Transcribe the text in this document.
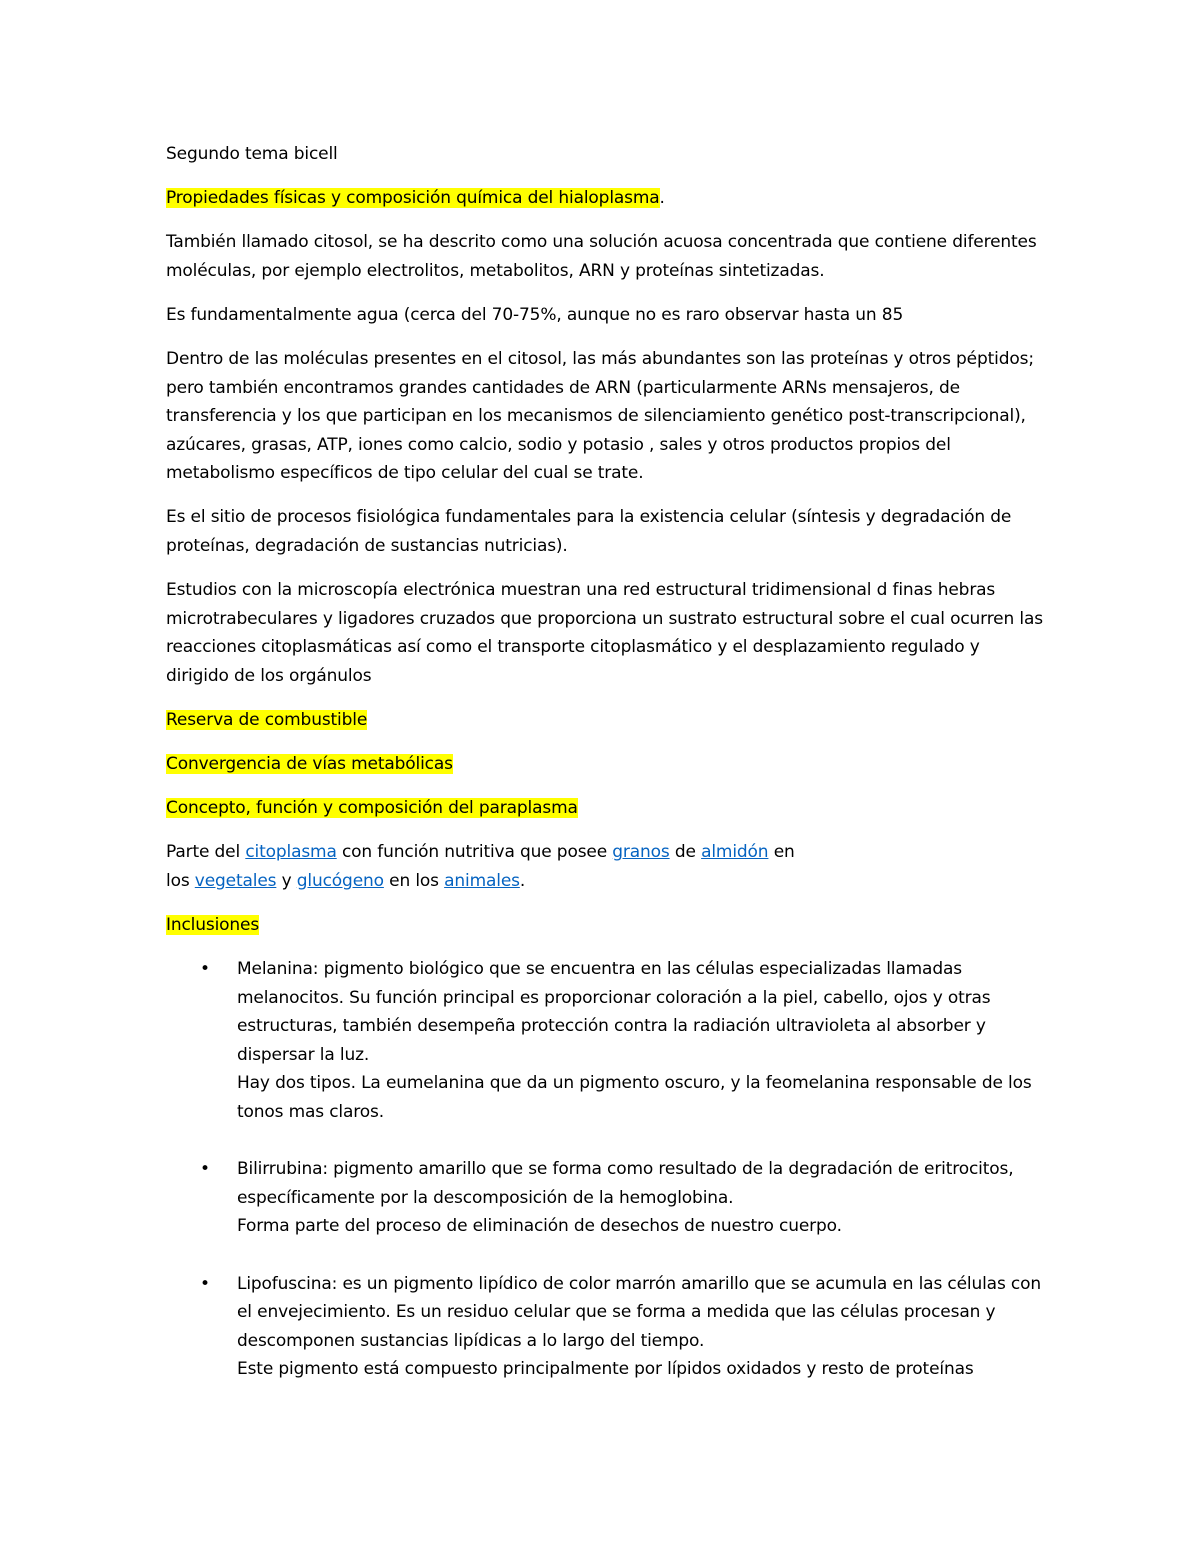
Segundo tema bicell

Propiedades físicas y composición química del hialoplasma.

También llamado citosol, se ha descrito como una solución acuosa concentrada que contiene diferentes moléculas, por ejemplo electrolitos, metabolitos, ARN y proteínas sintetizadas.

Es fundamentalmente agua (cerca del 70-75%, aunque no es raro observar hasta un 85

Dentro de las moléculas presentes en el citosol, las más abundantes son las proteínas y otros péptidos; pero también encontramos grandes cantidades de ARN (particularmente ARNs mensajeros, de transferencia y los que participan en los mecanismos de silenciamiento genético post-transcripcional), azúcares, grasas, ATP, iones como calcio, sodio y potasio , sales y otros productos propios del metabolismo específicos de tipo celular del cual se trate.

Es el sitio de procesos fisiológica fundamentales para la existencia celular (síntesis y degradación de proteínas, degradación de sustancias nutricias).

Estudios con la microscopía electrónica muestran una red estructural tridimensional d finas hebras microtrabeculares y ligadores cruzados que proporciona un sustrato estructural sobre el cual ocurren las reacciones citoplasmáticas así como el transporte citoplasmático y el desplazamiento regulado y dirigido de los orgánulos

Reserva de combustible

Convergencia de vías metabólicas

Concepto, función y composición del paraplasma

Parte del citoplasma con función nutritiva que posee granos de almidón en
los vegetales y glucógeno en los animales.

Inclusiones

• Melanina: pigmento biológico que se encuentra en las células especializadas llamadas melanocitos. Su función principal es proporcionar coloración a la piel, cabello, ojos y otras estructuras, también desempeña protección contra la radiación ultravioleta al absorber y dispersar la luz.
Hay dos tipos. La eumelanina que da un pigmento oscuro, y la feomelanina responsable de los tonos mas claros.
• Bilirrubina: pigmento amarillo que se forma como resultado de la degradación de eritrocitos, específicamente por la descomposición de la hemoglobina.
Forma parte del proceso de eliminación de desechos de nuestro cuerpo.
• Lipofuscina: es un pigmento lipídico de color marrón amarillo que se acumula en las células con el envejecimiento. Es un residuo celular que se forma a medida que las células procesan y descomponen sustancias lipídicas a lo largo del tiempo.
Este pigmento está compuesto principalmente por lípidos oxidados y resto de proteínas
